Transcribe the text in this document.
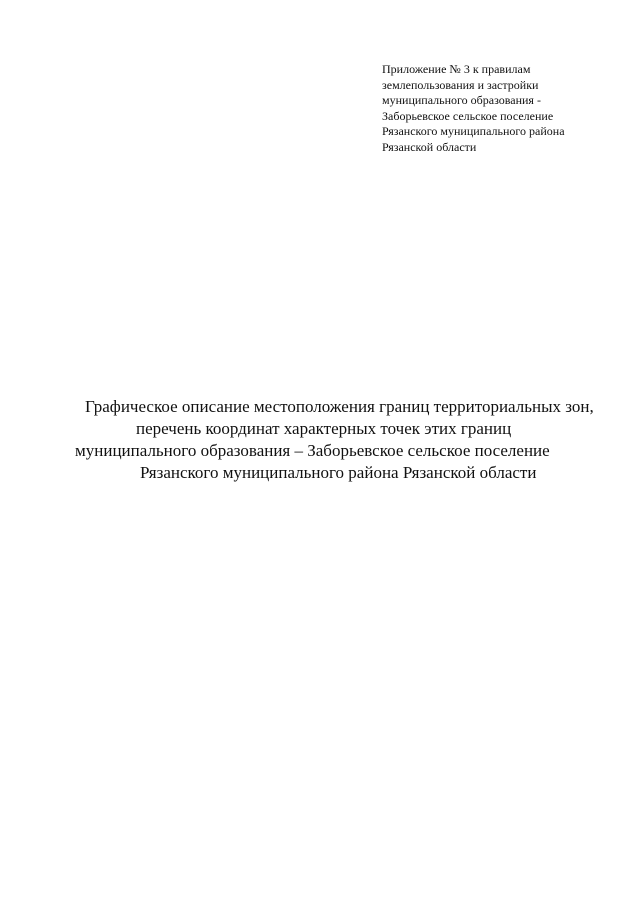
Приложение № 3 к правилам
землепользования и застройки
муниципального образования -
Заборьевское сельское поселение
Рязанского муниципального района
Рязанской области
Графическое описание местоположения границ территориальных зон,
перечень координат характерных точек этих границ
муниципального образования – Заборьевское сельское поселение
Рязанского муниципального района Рязанской области
